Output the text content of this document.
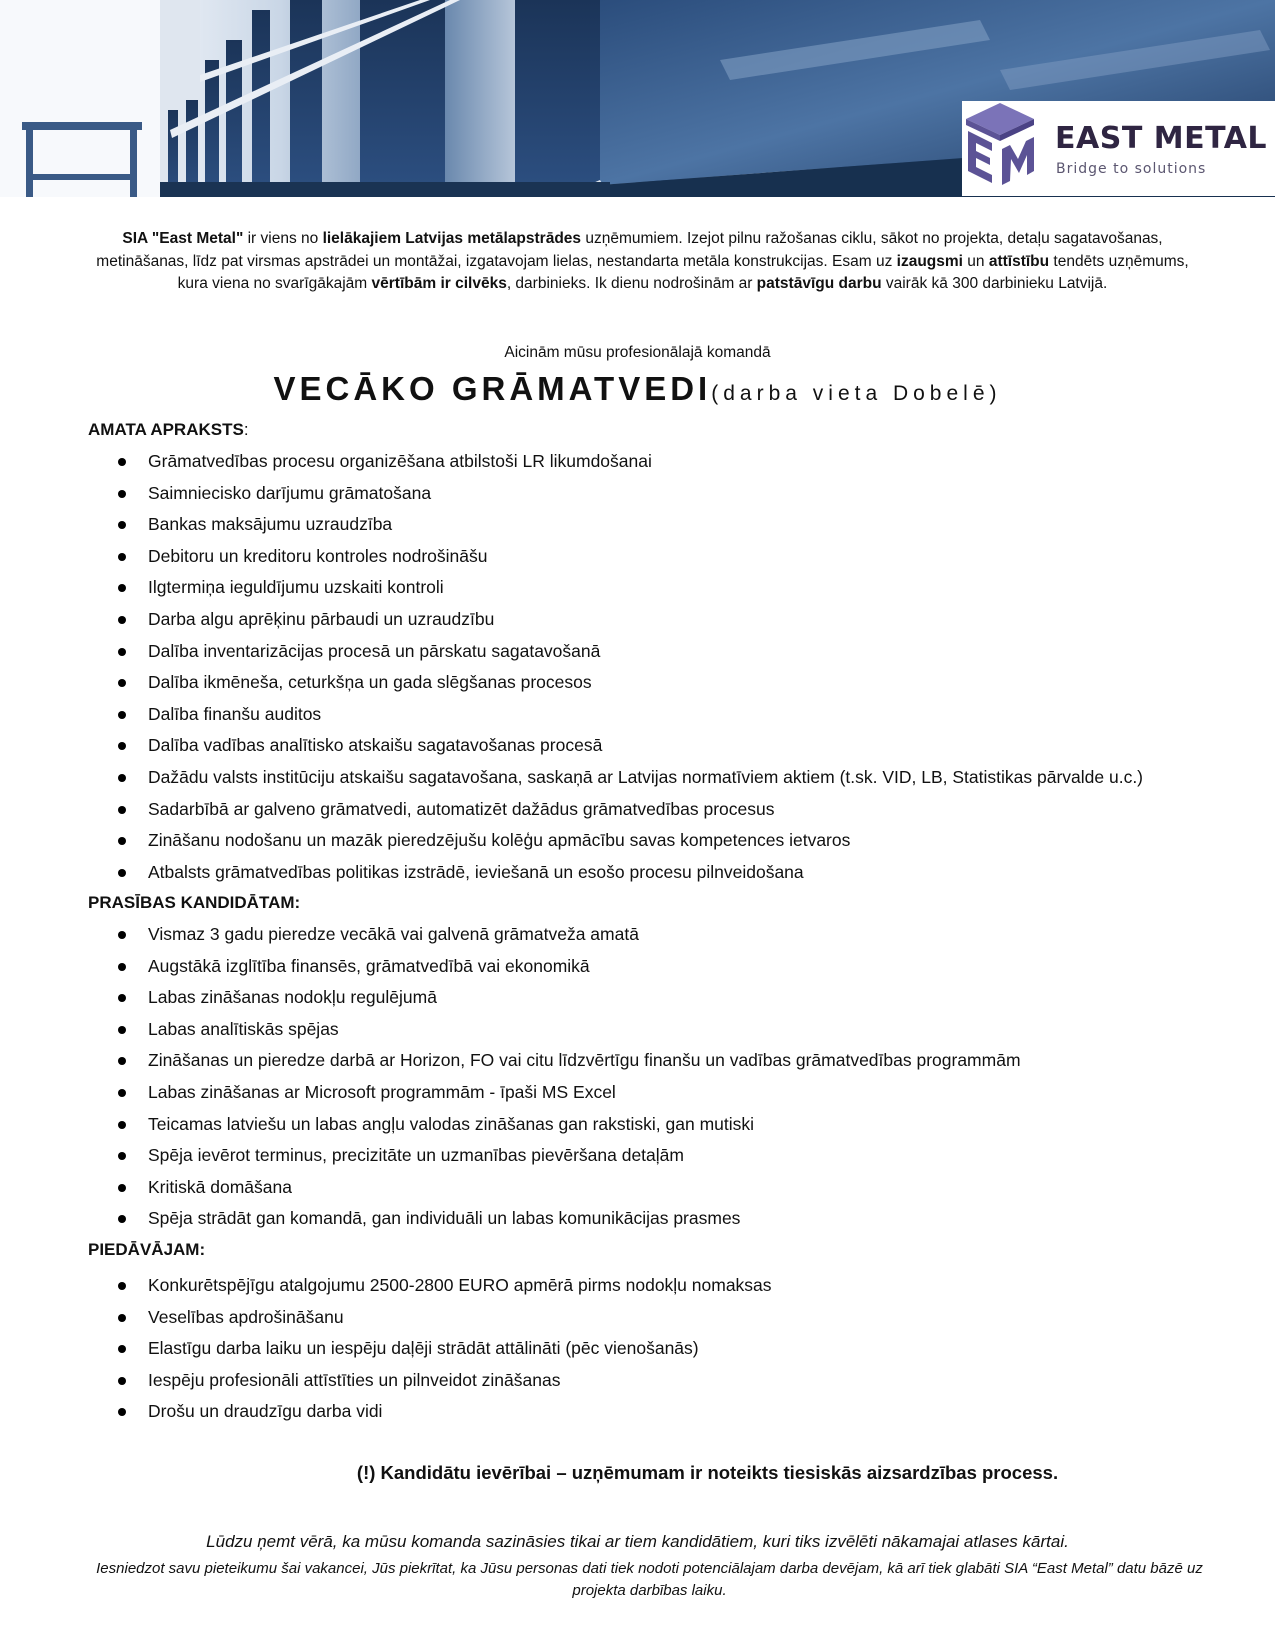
EAST METAL
Bridge to solutions
SIA "East Metal" ir viens no lielākajiem Latvijas metālapstrādes uzņēmumiem. Izejot pilnu ražošanas ciklu, sākot no projekta, detaļu sagatavošanas, metināšanas, līdz pat virsmas apstrādei un montāžai, izgatavojam lielas, nestandarta metāla konstrukcijas. Esam uz izaugsmi un attīstību tendēts uzņēmums, kura viena no svarīgākajām vērtībām ir cilvēks, darbinieks. Ik dienu nodrošinām ar patstāvīgu darbu vairāk kā 300 darbinieku Latvijā.
Aicinām mūsu profesionālajā komandā
VECĀKO GRĀMATVEDI(darba vieta Dobelē)
AMATA APRAKSTS:
Grāmatvedības procesu organizēšana atbilstoši LR likumdošanai
Saimniecisko darījumu grāmatošana
Bankas maksājumu uzraudzība
Debitoru un kreditoru kontroles nodrošināšu
Ilgtermiņa ieguldījumu uzskaiti kontroli
Darba algu aprēķinu pārbaudi un uzraudzību
Dalība inventarizācijas procesā un pārskatu sagatavošanā
Dalība ikmēneša, ceturkšņa un gada slēgšanas procesos
Dalība finanšu auditos
Dalība vadības analītisko atskaišu sagatavošanas procesā
Dažādu valsts institūciju atskaišu sagatavošana, saskaņā ar Latvijas normatīviem aktiem (t.sk. VID, LB, Statistikas pārvalde u.c.)
Sadarbībā ar galveno grāmatvedi, automatizēt dažādus grāmatvedības procesus
Zināšanu nodošanu un mazāk pieredzējušu kolēģu apmācību savas kompetences ietvaros
Atbalsts grāmatvedības politikas izstrādē, ieviešanā un esošo procesu pilnveidošana
PRASĪBAS KANDIDĀTAM:
Vismaz 3 gadu pieredze vecākā vai galvenā grāmatveža amatā
Augstākā izglītība finansēs, grāmatvedībā vai ekonomikā
Labas zināšanas nodokļu regulējumā
Labas analītiskās spējas
Zināšanas un pieredze darbā ar Horizon, FO vai citu līdzvērtīgu finanšu un vadības grāmatvedības programmām
Labas zināšanas ar Microsoft programmām - īpaši MS Excel
Teicamas latviešu un labas angļu valodas zināšanas gan rakstiski, gan mutiski
Spēja ievērot terminus, precizitāte un uzmanības pievēršana detaļām
Kritiskā domāšana
Spēja strādāt gan komandā, gan individuāli un labas komunikācijas prasmes
PIEDĀVĀJAM:
Konkurētspējīgu atalgojumu 2500-2800 EURO apmērā pirms nodokļu nomaksas
Veselības apdrošināšanu
Elastīgu darba laiku un iespēju daļēji strādāt attālināti (pēc vienošanās)
Iespēju profesionāli attīstīties un pilnveidot zināšanas
Drošu un draudzīgu darba vidi
(!) Kandidātu ievērībai – uzņēmumam ir noteikts tiesiskās aizsardzības process.
Lūdzu ņemt vērā, ka mūsu komanda sazināsies tikai ar tiem kandidātiem, kuri tiks izvēlēti nākamajai atlases kārtai.
Iesniedzot savu pieteikumu šai vakancei, Jūs piekrītat, ka Jūsu personas dati tiek nodoti potenciālajam darba devējam, kā arī tiek glabāti SIA “East Metal” datu bāzē uz projekta darbības laiku.
